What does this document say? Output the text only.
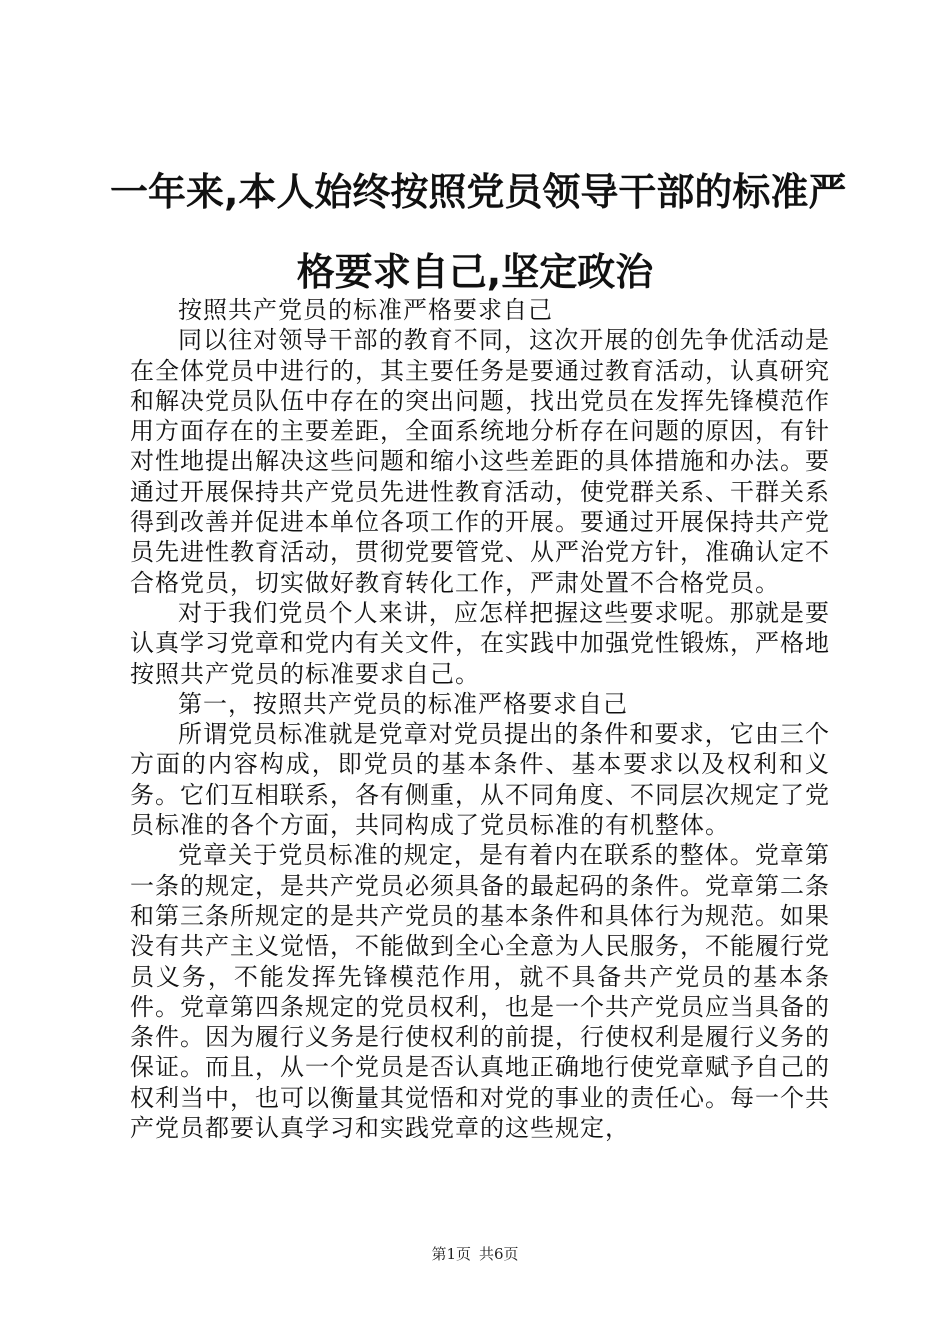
一年来,本人始终按照党员领导干部的标准严
格要求自己,坚定政治

按照共产党员的标准严格要求自己

同以往对领导干部的教育不同，这次开展的创先争优活动是在全体党员中进行的，其主要任务是要通过教育活动，认真研究和解决党员队伍中存在的突出问题，找出党员在发挥先锋模范作用方面存在的主要差距，全面系统地分析存在问题的原因，有针对性地提出解决这些问题和缩小这些差距的具体措施和办法。要通过开展保持共产党员先进性教育活动，使党群关系、干群关系得到改善并促进本单位各项工作的开展。要通过开展保持共产党员先进性教育活动，贯彻党要管党、从严治党方针，准确认定不合格党员，切实做好教育转化工作，严肃处置不合格党员。

对于我们党员个人来讲，应怎样把握这些要求呢。那就是要认真学习党章和党内有关文件，在实践中加强党性锻炼，严格地按照共产党员的标准要求自己。

第一，按照共产党员的标准严格要求自己

所谓党员标准就是党章对党员提出的条件和要求，它由三个方面的内容构成，即党员的基本条件、基本要求以及权利和义务。它们互相联系，各有侧重，从不同角度、不同层次规定了党员标准的各个方面，共同构成了党员标准的有机整体。

党章关于党员标准的规定，是有着内在联系的整体。党章第一条的规定，是共产党员必须具备的最起码的条件。党章第二条和第三条所规定的是共产党员的基本条件和具体行为规范。如果没有共产主义觉悟，不能做到全心全意为人民服务，不能履行党员义务，不能发挥先锋模范作用，就不具备共产党员的基本条件。党章第四条规定的党员权利，也是一个共产党员应当具备的条件。因为履行义务是行使权利的前提，行使权利是履行义务的保证。而且，从一个党员是否认真地正确地行使党章赋予自己的权利当中，也可以衡量其觉悟和对党的事业的责任心。每一个共产党员都要认真学习和实践党章的这些规定，

第1页 共6页
